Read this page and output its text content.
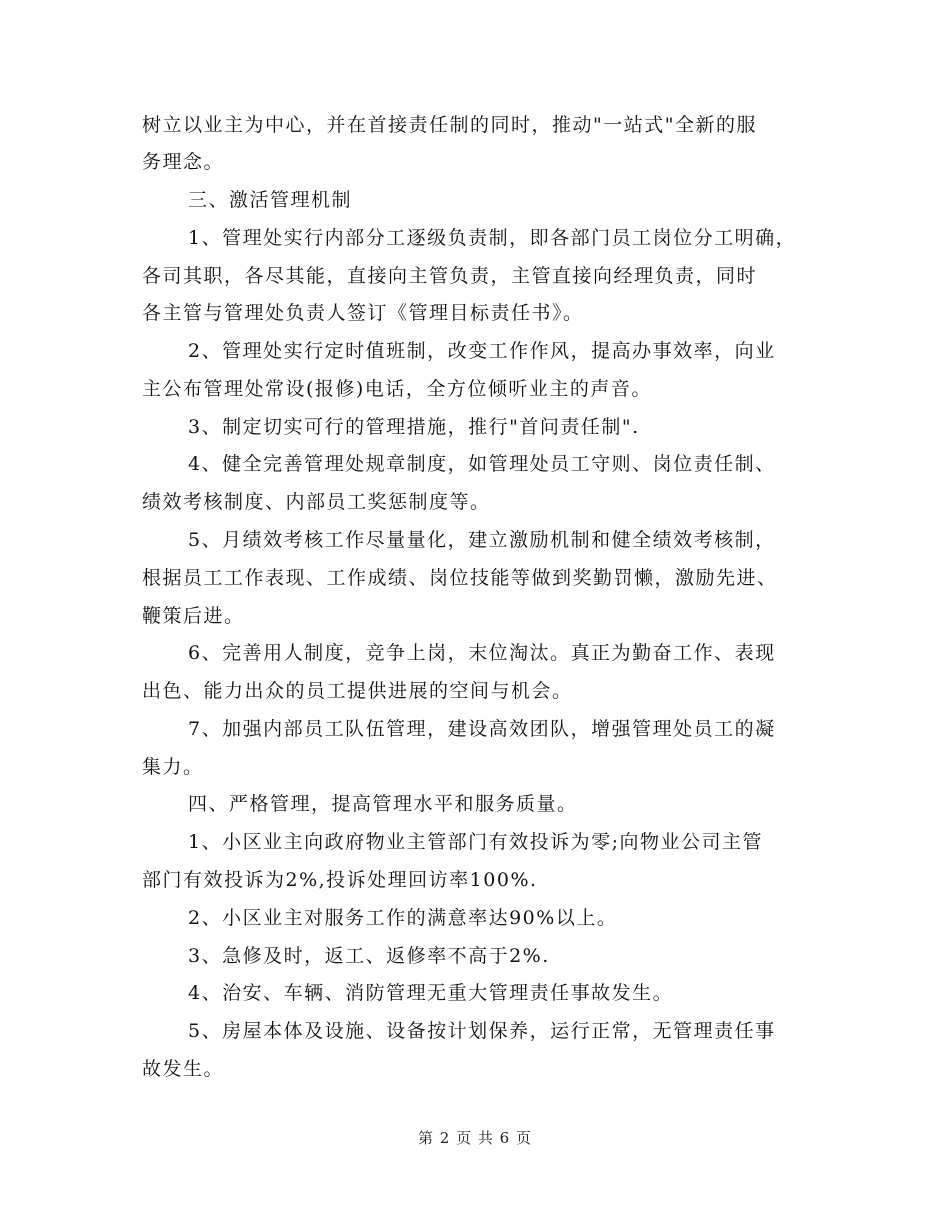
树立以业主为中心，并在首接责任制的同时，推动"一站式"全新的服
务理念。
三、激活管理机制
1、管理处实行内部分工逐级负责制，即各部门员工岗位分工明确，
各司其职，各尽其能，直接向主管负责，主管直接向经理负责，同时
各主管与管理处负责人签订《管理目标责任书》。
2、管理处实行定时值班制，改变工作作风，提高办事效率，向业
主公布管理处常设(报修)电话，全方位倾听业主的声音。
3、制定切实可行的管理措施，推行"首问责任制".
4、健全完善管理处规章制度，如管理处员工守则、岗位责任制、
绩效考核制度、内部员工奖惩制度等。
5、月绩效考核工作尽量量化，建立激励机制和健全绩效考核制，
根据员工工作表现、工作成绩、岗位技能等做到奖勤罚懒，激励先进、
鞭策后进。
6、完善用人制度，竞争上岗，末位淘汰。真正为勤奋工作、表现
出色、能力出众的员工提供进展的空间与机会。
7、加强内部员工队伍管理，建设高效团队，增强管理处员工的凝
集力。
四、严格管理，提高管理水平和服务质量。
1、小区业主向政府物业主管部门有效投诉为零;向物业公司主管
部门有效投诉为2%,投诉处理回访率100%.
2、小区业主对服务工作的满意率达90%以上。
3、急修及时，返工、返修率不高于2%.
4、治安、车辆、消防管理无重大管理责任事故发生。
5、房屋本体及设施、设备按计划保养，运行正常，无管理责任事
故发生。
第 2 页 共 6 页
